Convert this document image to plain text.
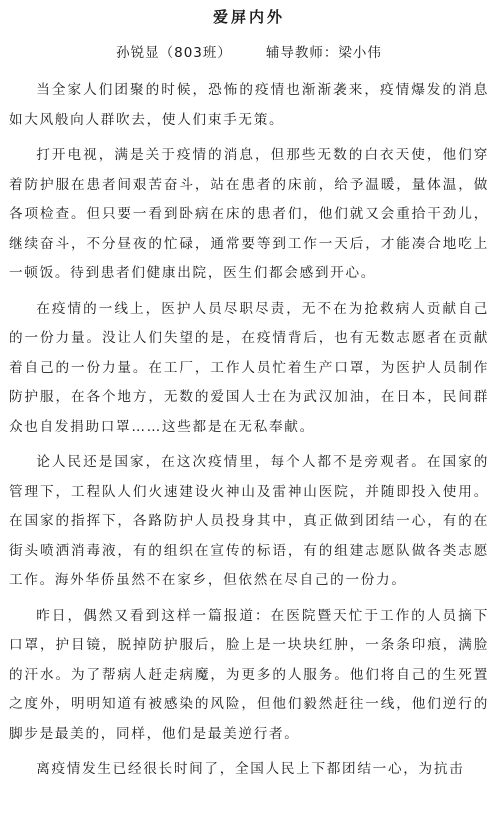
爱屏内外
孙锐显（803班）	辅导教师：梁小伟

当全家人们团聚的时候，恐怖的疫情也渐渐袭来，疫情爆发的消息如大风般向人群吹去，使人们束手无策。

打开电视，满是关于疫情的消息，但那些无数的白衣天使，他们穿着防护服在患者间艰苦奋斗，站在患者的床前，给予温暖，量体温，做各项检查。但只要一看到卧病在床的患者们，他们就又会重拾干劲儿，继续奋斗，不分昼夜的忙碌，通常要等到工作一天后，才能凑合地吃上一顿饭。待到患者们健康出院，医生们都会感到开心。

在疫情的一线上，医护人员尽职尽责，无不在为抢救病人贡献自己的一份力量。没让人们失望的是，在疫情背后，也有无数志愿者在贡献着自己的一份力量。在工厂，工作人员忙着生产口罩，为医护人员制作防护服，在各个地方，无数的爱国人士在为武汉加油，在日本，民间群众也自发捐助口罩……这些都是在无私奉献。

论人民还是国家，在这次疫情里，每个人都不是旁观者。在国家的管理下，工程队人们火速建设火神山及雷神山医院，并随即投入使用。在国家的指挥下，各路防护人员投身其中，真正做到团结一心，有的在街头喷洒消毒液，有的组织在宣传的标语，有的组建志愿队做各类志愿工作。海外华侨虽然不在家乡，但依然在尽自己的一份力。

昨日，偶然又看到这样一篇报道：在医院暨天忙于工作的人员摘下口罩，护目镜，脱掉防护服后，脸上是一块块红肿，一条条印痕，满脸的汗水。为了帮病人赶走病魔，为更多的人服务。他们将自己的生死置之度外，明明知道有被感染的风险，但他们毅然赶往一线，他们逆行的脚步是最美的，同样，他们是最美逆行者。

离疫情发生已经很长时间了，全国人民上下都团结一心，为抗击
